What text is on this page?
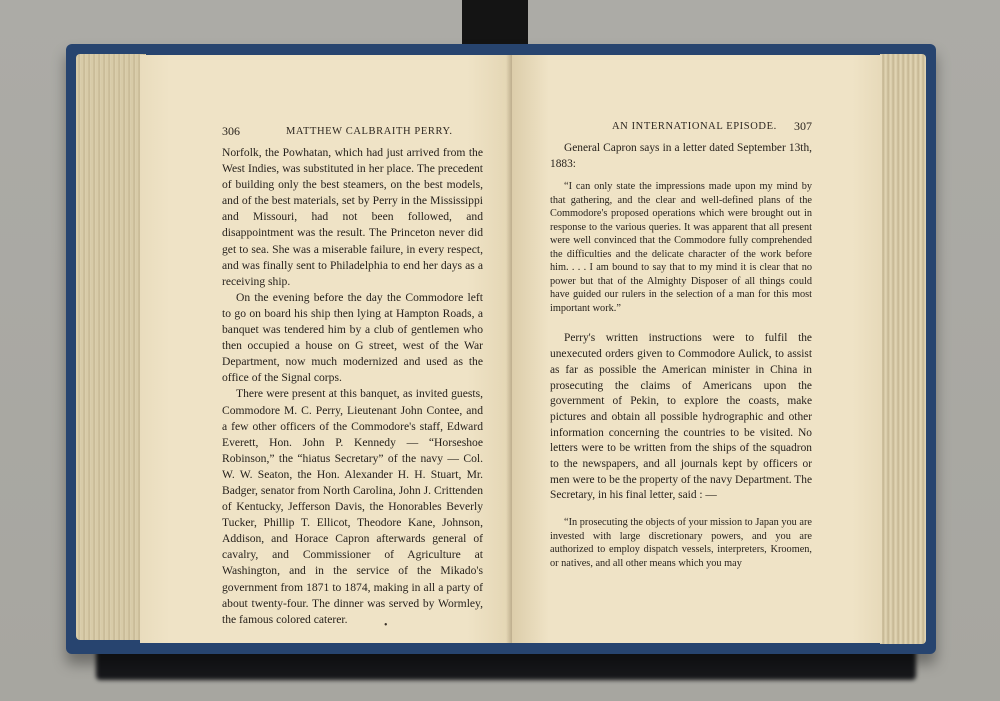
306	MATTHEW CALBRAITH PERRY.

Norfolk, the Powhatan, which had just arrived from the West Indies, was substituted in her place. The precedent of building only the best steamers, on the best models, and of the best materials, set by Perry in the Mississippi and Missouri, had not been followed, and disappointment was the result. The Princeton never did get to sea. She was a miserable failure, in every respect, and was finally sent to Philadelphia to end her days as a receiving ship.

On the evening before the day the Commodore left to go on board his ship then lying at Hampton Roads, a banquet was tendered him by a club of gentlemen who then occupied a house on G street, west of the War Department, now much modernized and used as the office of the Signal corps.

There were present at this banquet, as invited guests, Commodore M. C. Perry, Lieutenant John Contee, and a few other officers of the Commodore's staff, Edward Everett, Hon. John P. Kennedy — “Horseshoe Robinson,” the “hiatus Secretary” of the navy — Col. W. W. Seaton, the Hon. Alexander H. H. Stuart, Mr. Badger, senator from North Carolina, John J. Crittenden of Kentucky, Jefferson Davis, the Honorables Beverly Tucker, Phillip T. Ellicot, Theodore Kane, Johnson, Addison, and Horace Capron afterwards general of cavalry, and Commissioner of Agriculture at Washington, and in the service of the Mikado's government from 1871 to 1874, making in all a party of about twenty-four. The dinner was served by Wormley, the famous colored caterer.	•
AN INTERNATIONAL EPISODE. 307

General Capron says in a letter dated September 13th, 1883:

“I can only state the impressions made upon my mind by that gathering, and the clear and well-defined plans of the Commodore's proposed operations which were brought out in response to the various queries. It was apparent that all present were well convinced that the Commodore fully comprehended the difficulties and the delicate character of the work before him. . . . I am bound to say that to my mind it is clear that no power but that of the Almighty Disposer of all things could have guided our rulers in the selection of a man for this most important work.”

Perry's written instructions were to fulfil the unexecuted orders given to Commodore Aulick, to assist as far as possible the American minister in China in prosecuting the claims of Americans upon the government of Pekin, to explore the coasts, make pictures and obtain all possible hydrographic and other information concerning the countries to be visited. No letters were to be written from the ships of the squadron to the newspapers, and all journals kept by officers or men were to be the property of the navy Department. The Secretary, in his final letter, said : —

“In prosecuting the objects of your mission to Japan you are invested with large discretionary powers, and you are authorized to employ dispatch vessels, interpreters, Kroomen, or natives, and all other means which you may
